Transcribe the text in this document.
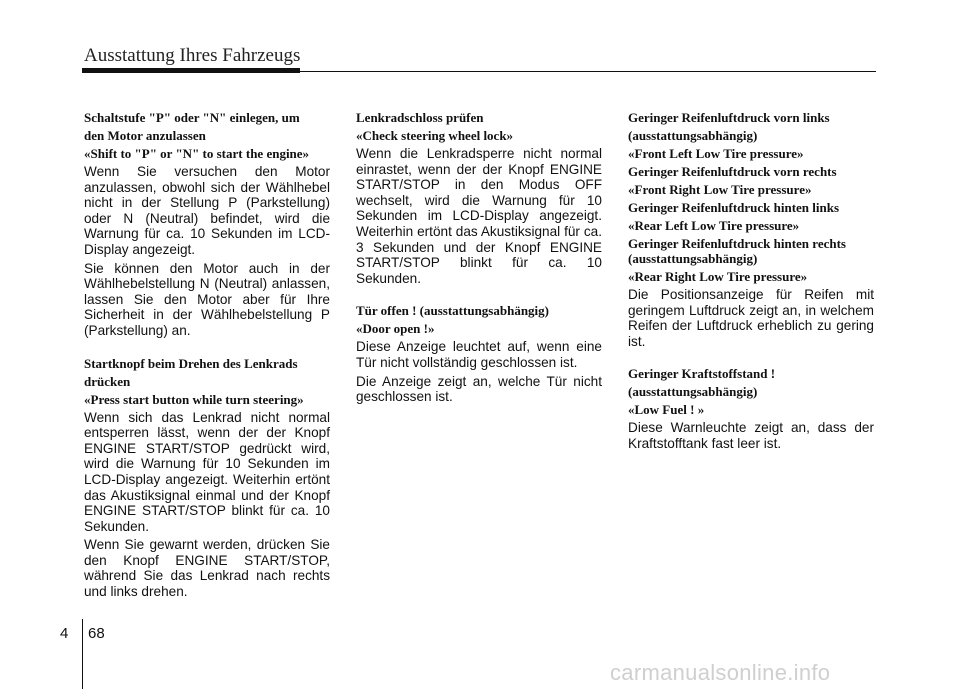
Ausstattung Ihres Fahrzeugs
Schaltstufe "P" oder "N" einlegen, um
den Motor anzulassen
«Shift to "P" or "N" to start the engine»
Wenn Sie versuchen den Motor anzulassen, obwohl sich der Wählhebel nicht in der Stellung P (Parkstellung) oder N (Neutral) befindet, wird die Warnung für ca. 10 Sekunden im LCD-Display angezeigt.
Sie können den Motor auch in der Wählhebelstellung N (Neutral) anlassen, lassen Sie den Motor aber für Ihre Sicherheit in der Wählhebelstellung P (Parkstellung) an.
Startknopf beim Drehen des Lenkrads
drücken
«Press start button while turn steering»
Wenn sich das Lenkrad nicht normal entsperren lässt, wenn der der Knopf ENGINE START/STOP gedrückt wird, wird die Warnung für 10 Sekunden im LCD-Display angezeigt. Weiterhin ertönt das Akustiksignal einmal und der Knopf ENGINE START/STOP blinkt für ca. 10 Sekunden.
Wenn Sie gewarnt werden, drücken Sie den Knopf ENGINE START/STOP, während Sie das Lenkrad nach rechts und links drehen.
Lenkradschloss prüfen
«Check steering wheel lock»
Wenn die Lenkradsperre nicht normal einrastet, wenn der der Knopf ENGINE START/STOP in den Modus OFF wechselt, wird die Warnung für 10 Sekunden im LCD-Display angezeigt. Weiterhin ertönt das Akustiksignal für ca. 3 Sekunden und der Knopf ENGINE START/STOP blinkt für ca. 10 Sekunden.
Tür offen ! (ausstattungsabhängig)
«Door open !»
Diese Anzeige leuchtet auf, wenn eine Tür nicht vollständig geschlossen ist.
Die Anzeige zeigt an, welche Tür nicht geschlossen ist.
Geringer Reifenluftdruck vorn links
(ausstattungsabhängig)
«Front Left Low Tire pressure»
Geringer Reifenluftdruck vorn rechts
«Front Right Low Tire pressure»
Geringer Reifenluftdruck hinten links
«Rear Left Low Tire pressure»
Geringer Reifenluftdruck hinten rechts (ausstattungsabhängig)
«Rear Right Low Tire pressure»
Die Positionsanzeige für Reifen mit geringem Luftdruck zeigt an, in welchem Reifen der Luftdruck erheblich zu gering ist.
Geringer Kraftstoffstand !
(ausstattungsabhängig)
«Low Fuel ! »
Diese Warnleuchte zeigt an, dass der Kraftstofftank fast leer ist.
4 68
carmanualsonline.info
